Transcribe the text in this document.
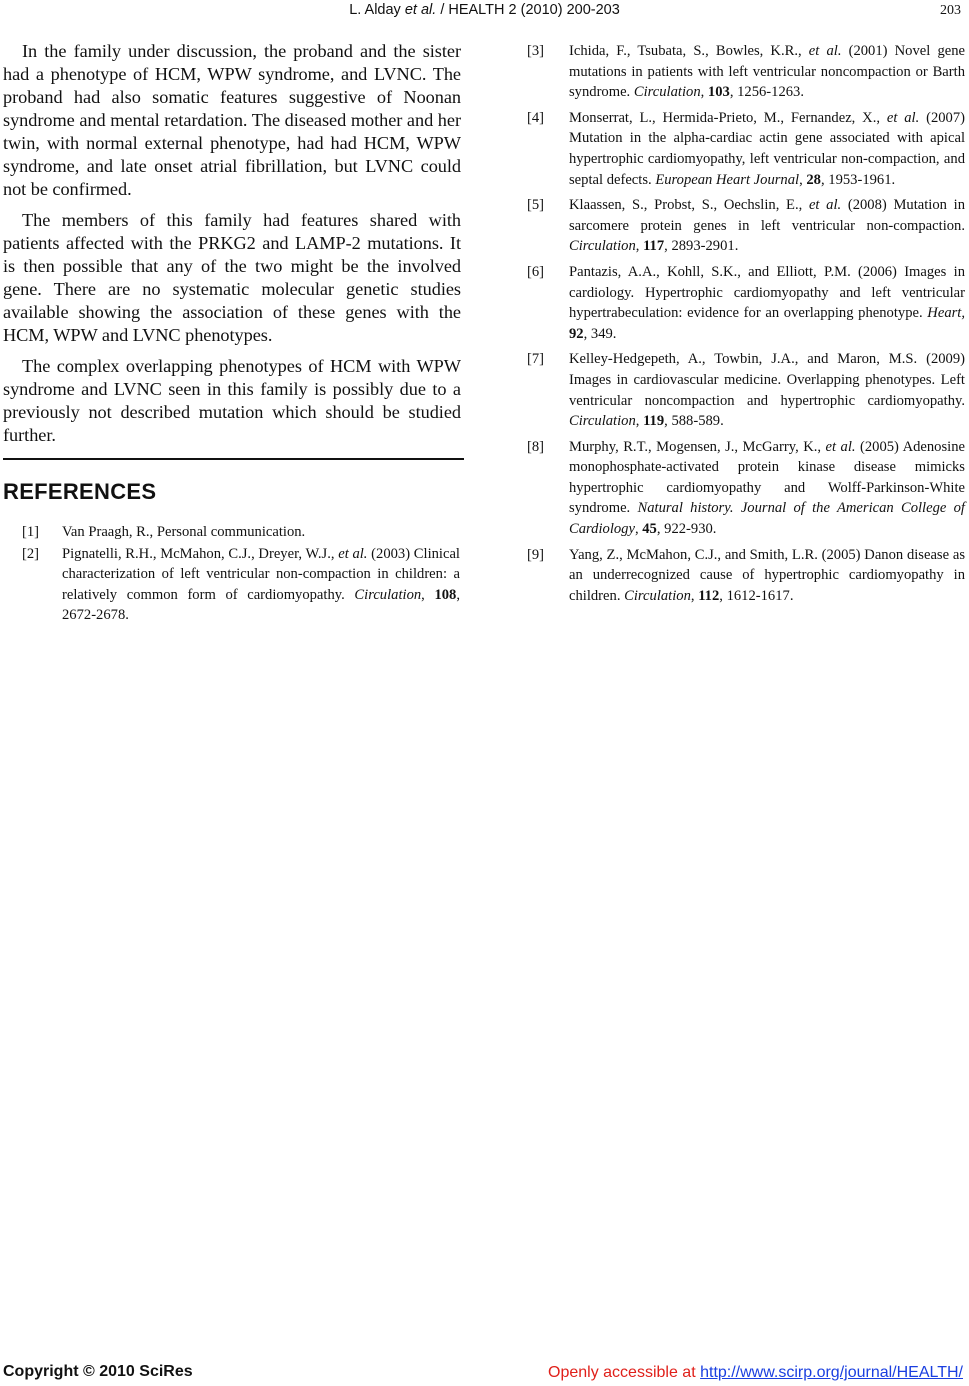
L. Alday et al. / HEALTH 2 (2010) 200-203	203

In the family under discussion, the proband and the sister had a phenotype of HCM, WPW syndrome, and LVNC. The proband had also somatic features suggestive of Noonan syndrome and mental retardation. The diseased mother and her twin, with normal external phenotype, had had HCM, WPW syndrome, and late onset atrial fibrillation, but LVNC could not be confirmed.

The members of this family had features shared with patients affected with the PRKG2 and LAMP-2 mutations. It is then possible that any of the two might be the involved gene. There are no systematic molecular genetic studies available showing the association of these genes with the HCM, WPW and LVNC phenotypes.

The complex overlapping phenotypes of HCM with WPW syndrome and LVNC seen in this family is possibly due to a previously not described mutation which should be studied further.

REFERENCES
[1] Van Praagh, R., Personal communication.
[2] Pignatelli, R.H., McMahon, C.J., Dreyer, W.J., et al. (2003) Clinical characterization of left ventricular non-compaction in children: a relatively common form of cardiomyopathy. Circulation, 108, 2672-2678.
[3] Ichida, F., Tsubata, S., Bowles, K.R., et al. (2001) Novel gene mutations in patients with left ventricular noncompaction or Barth syndrome. Circulation, 103, 1256-1263.
[4] Monserrat, L., Hermida-Prieto, M., Fernandez, X., et al. (2007) Mutation in the alpha-cardiac actin gene associated with apical hypertrophic cardiomyopathy, left ventricular non-compaction, and septal defects. European Heart Journal, 28, 1953-1961.
[5] Klaassen, S., Probst, S., Oechslin, E., et al. (2008) Mutation in sarcomere protein genes in left ventricular non-compaction. Circulation, 117, 2893-2901.
[6] Pantazis, A.A., Kohll, S.K., and Elliott, P.M. (2006) Images in cardiology. Hypertrophic cardiomyopathy and left ventricular hypertrabeculation: evidence for an overlapping phenotype. Heart, 92, 349.
[7] Kelley-Hedgepeth, A., Towbin, J.A., and Maron, M.S. (2009) Images in cardiovascular medicine. Overlapping phenotypes. Left ventricular noncompaction and hypertrophic cardiomyopathy. Circulation, 119, 588-589.
[8] Murphy, R.T., Mogensen, J., McGarry, K., et al. (2005) Adenosine monophosphate-activated protein kinase disease mimicks hypertrophic cardiomyopathy and Wolff-Parkinson-White syndrome. Natural history. Journal of the American College of Cardiology, 45, 922-930.
[9] Yang, Z., McMahon, C.J., and Smith, L.R. (2005) Danon disease as an underrecognized cause of hypertrophic cardiomyopathy in children. Circulation, 112, 1612-1617.
Copyright © 2010 SciRes	Openly accessible at http://www.scirp.org/journal/HEALTH/
